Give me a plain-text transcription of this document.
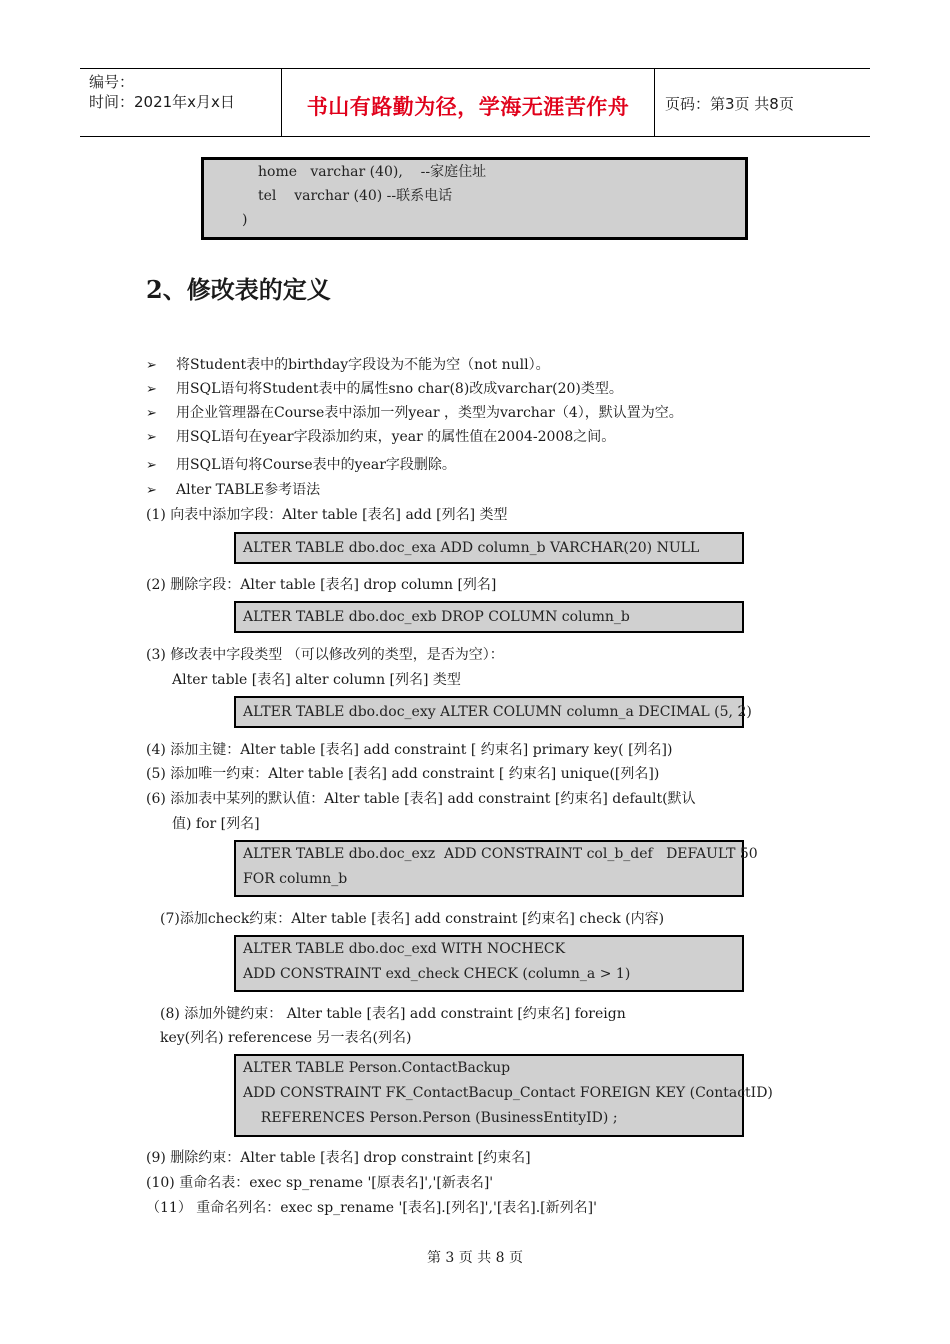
编号：
时间：2021年x月x日	书山有路勤为径，学海无涯苦作舟	页码：第3页 共8页
home   varchar (40),    --家庭住址
tel    varchar (40) --联系电话
)
2、修改表的定义
➢ 将Student表中的birthday字段设为不能为空（not null）。
➢ 用SQL语句将Student表中的属性sno char(8)改成varchar(20)类型。
➢ 用企业管理器在Course表中添加一列year ，类型为varchar（4），默认置为空。
➢ 用SQL语句在year字段添加约束，year 的属性值在2004-2008之间。
➢ 用SQL语句将Course表中的year字段删除。
➢ Alter TABLE参考语法
(1) 向表中添加字段：Alter table [表名] add [列名] 类型
ALTER TABLE dbo.doc_exa ADD column_b VARCHAR(20) NULL
(2) 删除字段：Alter table [表名] drop column [列名]
ALTER TABLE dbo.doc_exb DROP COLUMN column_b
(3) 修改表中字段类型 （可以修改列的类型，是否为空）：
Alter table [表名] alter column [列名] 类型
ALTER TABLE dbo.doc_exy ALTER COLUMN column_a DECIMAL (5, 2)
(4) 添加主键：Alter table [表名] add constraint [ 约束名] primary key( [列名])
(5) 添加唯一约束：Alter table [表名] add constraint [ 约束名] unique([列名])
(6) 添加表中某列的默认值：Alter table [表名] add constraint [约束名] default(默认
值) for [列名]
ALTER TABLE dbo.doc_exz  ADD CONSTRAINT col_b_def   DEFAULT 50
FOR column_b
(7)添加check约束：Alter table [表名] add constraint [约束名] check (内容)
ALTER TABLE dbo.doc_exd WITH NOCHECK
ADD CONSTRAINT exd_check CHECK (column_a > 1)
(8) 添加外键约束： Alter table [表名] add constraint [约束名] foreign
key(列名) referencese 另一表名(列名)
ALTER TABLE Person.ContactBackup
ADD CONSTRAINT FK_ContactBacup_Contact FOREIGN KEY (ContactID)
REFERENCES Person.Person (BusinessEntityID) ;
(9) 删除约束：Alter table [表名] drop constraint [约束名]
(10) 重命名表：exec sp_rename '[原表名]','[新表名]'
（11） 重命名列名：exec sp_rename '[表名].[列名]','[表名].[新列名]'
第 3 页 共 8 页
